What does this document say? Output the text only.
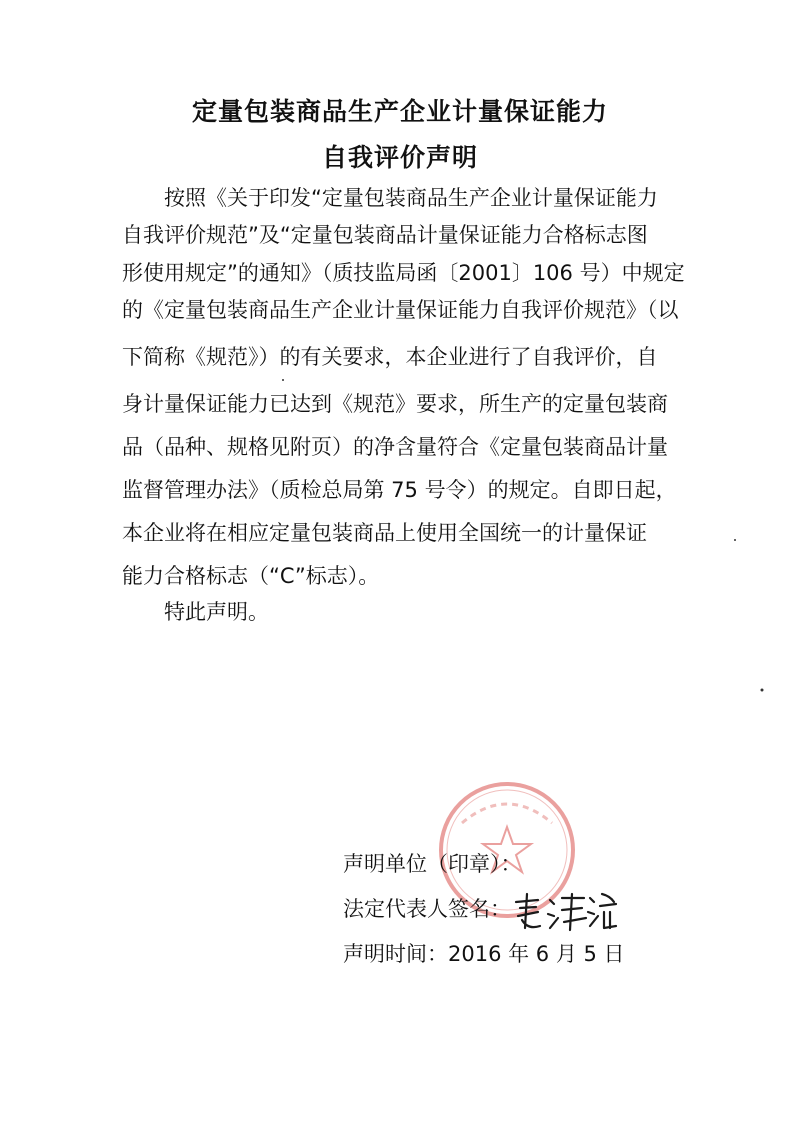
定量包装商品生产企业计量保证能力
自我评价声明
按照《关于印发“定量包装商品生产企业计量保证能力
自我评价规范”及“定量包装商品计量保证能力合格标志图
形使用规定”的通知》（质技监局函〔2001〕106 号）中规定
的《定量包装商品生产企业计量保证能力自我评价规范》（以
下简称《规范》）的有关要求，本企业进行了自我评价，自
身计量保证能力已达到《规范》要求，所生产的定量包装商
品（品种、规格见附页）的净含量符合《定量包装商品计量
监督管理办法》（质检总局第 75 号令）的规定。自即日起，
本企业将在相应定量包装商品上使用全国统一的计量保证
能力合格标志（“C”标志）。
特此声明。
声明单位（印章）：
法定代表人签名：
声明时间：2016 年 6 月 5 日
